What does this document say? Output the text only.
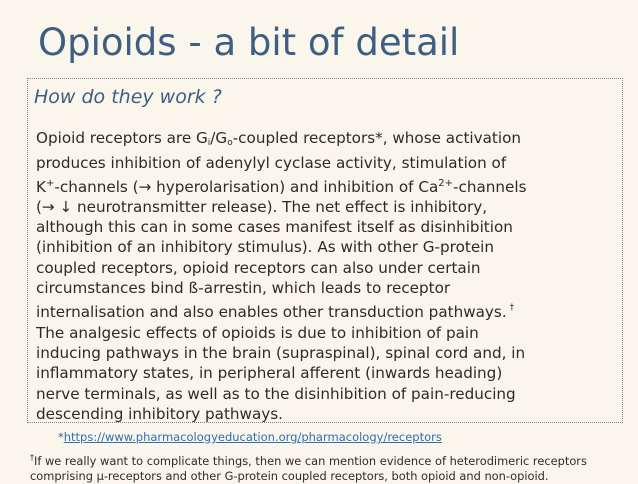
Opioids - a bit of detail
How do they work ?
Opioid receptors are $G_i/G_o$-coupled receptors*, whose activation
produces inhibition of adenylyl cyclase activity, stimulation of
K+-channels (→ hyperolarisation) and inhibition of $Ca^{2+}$-channels
(→ ↓ neurotransmitter release). The net effect is inhibitory,
although this can in some cases manifest itself as disinhibition
(inhibition of an inhibitory stimulus). As with other G-protein
coupled receptors, opioid receptors can also under certain
circumstances bind ß-arrestin, which leads to receptor
internalisation and also enables other transduction pathways. †
The analgesic effects of opioids is due to inhibition of pain
inducing pathways in the brain (supraspinal), spinal cord and, in
inflammatory states, in peripheral afferent (inwards heading)
nerve terminals, as well as to the disinhibition of pain-reducing
descending inhibitory pathways.
*https://www.pharmacologyeducation.org/pharmacology/receptors
†If we really want to complicate things, then we can mention evidence of heterodimeric receptors
comprising μ-receptors and other G-protein coupled receptors, both opioid and non-opioid.
